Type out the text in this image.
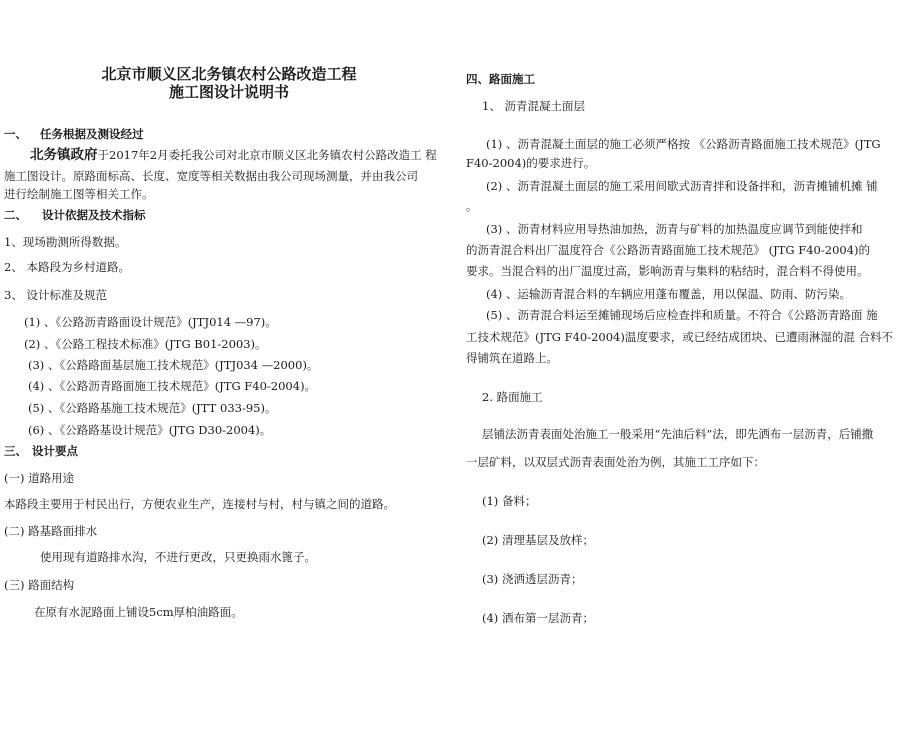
北京市顺义区北务镇农村公路改造工程
施工图设计说明书
一、 任务根据及测设经过
北务镇政府于2017年2月委托我公司对北京市顺义区北务镇农村公路改造工 程
施工图设计。原路面标高、长度、宽度等相关数据由我公司现场测量，并由我公司
进行绘制施工图等相关工作。
二、 设计依据及技术指标
1、现场勘测所得数据。
2、 本路段为乡村道路。
3、 设计标准及规范
(1) 、《公路沥青路面设计规范》(JTJ014 —97)。
(2) 、《公路工程技术标准》(JTG B01-2003)。
(3) 、《公路路面基层施工技术规范》(JTJ034 —2000)。
(4) 、《公路沥青路面施工技术规范》(JTG F40-2004)。
(5) 、《公路路基施工技术规范》(JTT 033-95)。
(6) 、《公路路基设计规范》(JTG D30-2004)。
三、 设计要点
(一) 道路用途
本路段主要用于村民出行，方便农业生产，连接村与村，村与镇之间的道路。
(二) 路基路面排水
使用现有道路排水沟，不进行更改，只更换雨水篦子。
(三) 路面结构
在原有水泥路面上铺设5cm厚柏油路面。
四、路面施工
1、 沥青混凝土面层
(1) 、沥青混凝土面层的施工必须严格按 《公路沥青路面施工技术规范》(JTG
F40-2004)的要求进行。
(2) 、沥青混凝土面层的施工采用间歇式沥青拌和设备拌和，沥青摊铺机摊 铺
。
(3) 、沥青材料应用导热油加热，沥青与矿料的加热温度应调节到能使拌和
的沥青混合料出厂温度符合《公路沥青路面施工技术规范》 (JTG F40-2004)的
要求。当混合料的出厂温度过高，影响沥青与集料的粘结时，混合料不得使用。
(4) 、运输沥青混合料的车辆应用蓬布覆盖，用以保温、防雨、防污染。
(5) 、沥青混合料运至摊铺现场后应检查拌和质量。不符合《公路沥青路面 施
工技术规范》(JTG F40-2004)温度要求，或已经结成团块、已遭雨淋湿的混 合料不
得铺筑在道路上。
2. 路面施工
层铺法沥青表面处治施工一般采用“先油后料”法，即先洒布一层沥青，后铺撒
一层矿料，以双层式沥青表面处治为例，其施工工序如下：
(1) 备料；
(2) 清理基层及放样；
(3) 浇洒透层沥青；
(4) 洒布第一层沥青；
